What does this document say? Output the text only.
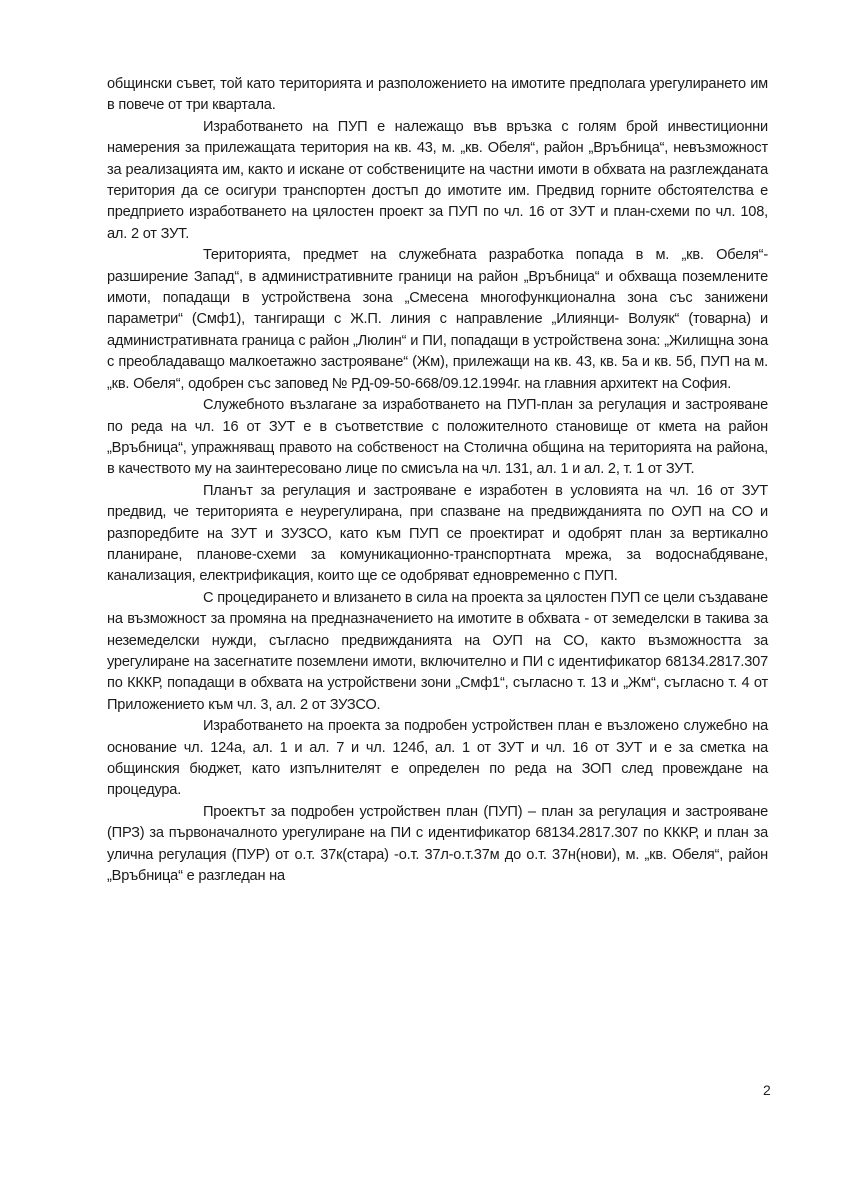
общински съвет, той като територията и разположението на имотите предполага урегулирането им в повече от три квартала.

Изработването на ПУП е належащо във връзка с голям брой инвестиционни намерения за прилежащата територия на кв. 43, м. „кв. Обеля“, район „Връбница“, невъзможност за реализацията им, както и искане от собствениците на частни имоти в обхвата на разглежданата територия да се осигури транспортен достъп до имотите им. Предвид горните обстоятелства е предприето изработването на цялостен проект за ПУП по чл. 16 от ЗУТ и план-схеми по чл. 108, ал. 2 от ЗУТ.

Територията, предмет на служебната разработка попада в м. „кв. Обеля“-разширение Запад“, в административните граници на район „Връбница“ и обхваща поземлените имоти, попадащи в устройствена зона „Смесена многофункционална зона със занижени параметри“ (Смф1), тангиращи с Ж.П. линия с направление „Илиянци- Волуяк“ (товарна) и административната граница с район „Люлин“ и ПИ, попадащи в устройствена зона: „Жилищна зона с преобладаващо малкоетажно застрояване“ (Жм), прилежащи на кв. 43, кв. 5а и кв. 5б, ПУП на м. „кв. Обеля“, одобрен със заповед № РД-09-50-668/09.12.1994г. на главния архитект на София.

Служебното възлагане за изработването на ПУП-план за регулация и застрояване по реда на чл. 16 от ЗУТ е в съответствие с положителното становище от кмета на район „Връбница“, упражняващ правото на собственост на Столична община на територията на района, в качеството му на заинтересовано лице по смисъла на чл. 131, ал. 1 и ал. 2, т. 1 от ЗУТ.

Планът за регулация и застрояване е изработен в условията на чл. 16 от ЗУТ предвид, че територията е неурегулирана, при спазване на предвижданията по ОУП на СО и разпоредбите на ЗУТ и ЗУЗСО, като към ПУП се проектират и одобрят план за вертикално планиране, планове-схеми за комуникационно-транспортната мрежа, за водоснабдяване, канализация, електрификация, които ще се одобряват едновременно с ПУП.

С процедирането и влизането в сила на проекта за цялостен ПУП се цели създаване на възможност за промяна на предназначението на имотите в обхвата - от земеделски в такива за неземеделски нужди, съгласно предвижданията на ОУП на СО, както възможността за урегулиране на засегнатите поземлени имоти, включително и ПИ с идентификатор 68134.2817.307 по КККР, попадащи в обхвата на устройствени зони „Смф1“, съгласно т. 13 и „Жм“, съгласно т. 4 от Приложението към чл. 3, ал. 2 от ЗУЗСО.

Изработването на проекта за подробен устройствен план е възложено служебно на основание чл. 124а, ал. 1 и ал. 7 и чл. 124б, ал. 1 от ЗУТ и чл. 16 от ЗУТ и е за сметка на общинския бюджет, като изпълнителят е определен по реда на ЗОП след провеждане на процедура.

Проектът за подробен устройствен план (ПУП) – план за регулация и застрояване (ПРЗ) за първоначалното урегулиране на ПИ с идентификатор 68134.2817.307 по КККР, и план за улична регулация (ПУР) от о.т. 37к(стара) -о.т. 37л-о.т.37м до о.т. 37н(нови), м. „кв. Обеля“, район „Връбница“ е разгледан на

2
